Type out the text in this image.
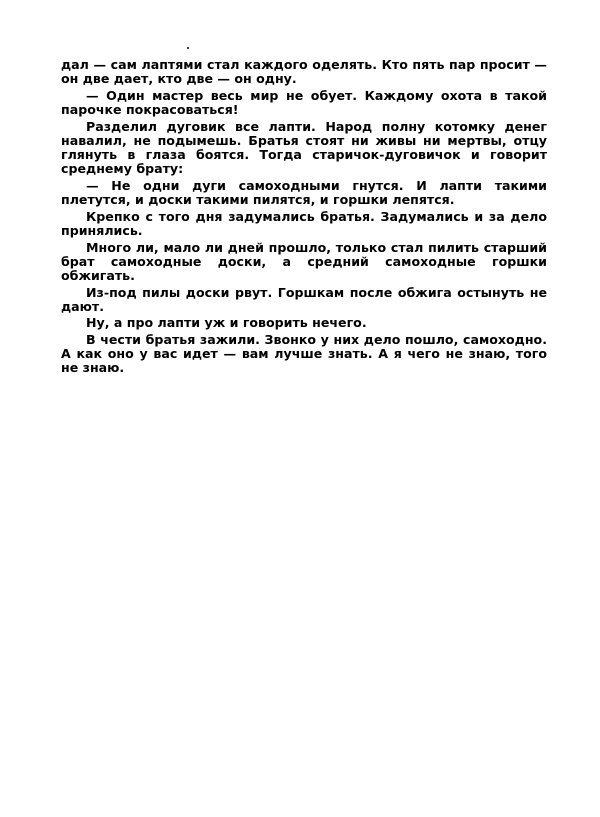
дал — сам лаптями стал каждого оделять. Кто пять пар просит — он две дает, кто две — он одну.

— Один мастер весь мир не обует. Каждому охота в такой парочке покрасоваться!

Разделил дуговик все лапти. Народ полну котомку денег навалил, не подымешь. Братья стоят ни живы ни мертвы, отцу глянуть в глаза боятся. Тогда старичок-дуговичок и говорит среднему брату:

— Не одни дуги самоходными гнутся. И лапти такими плетутся, и доски такими пилятся, и горшки лепятся.

Крепко с того дня задумались братья. Задумались и за дело принялись.

Много ли, мало ли дней прошло, только стал пилить старший брат самоходные доски, а средний самоходные горшки обжигать.

Из-под пилы доски рвут. Горшкам после обжига остынуть не дают.

Ну, а про лапти уж и говорить нечего.

В чести братья зажили. Звонко у них дело пошло, самоходно. А как оно у вас идет — вам лучше знать. А я чего не знаю, того не знаю.
